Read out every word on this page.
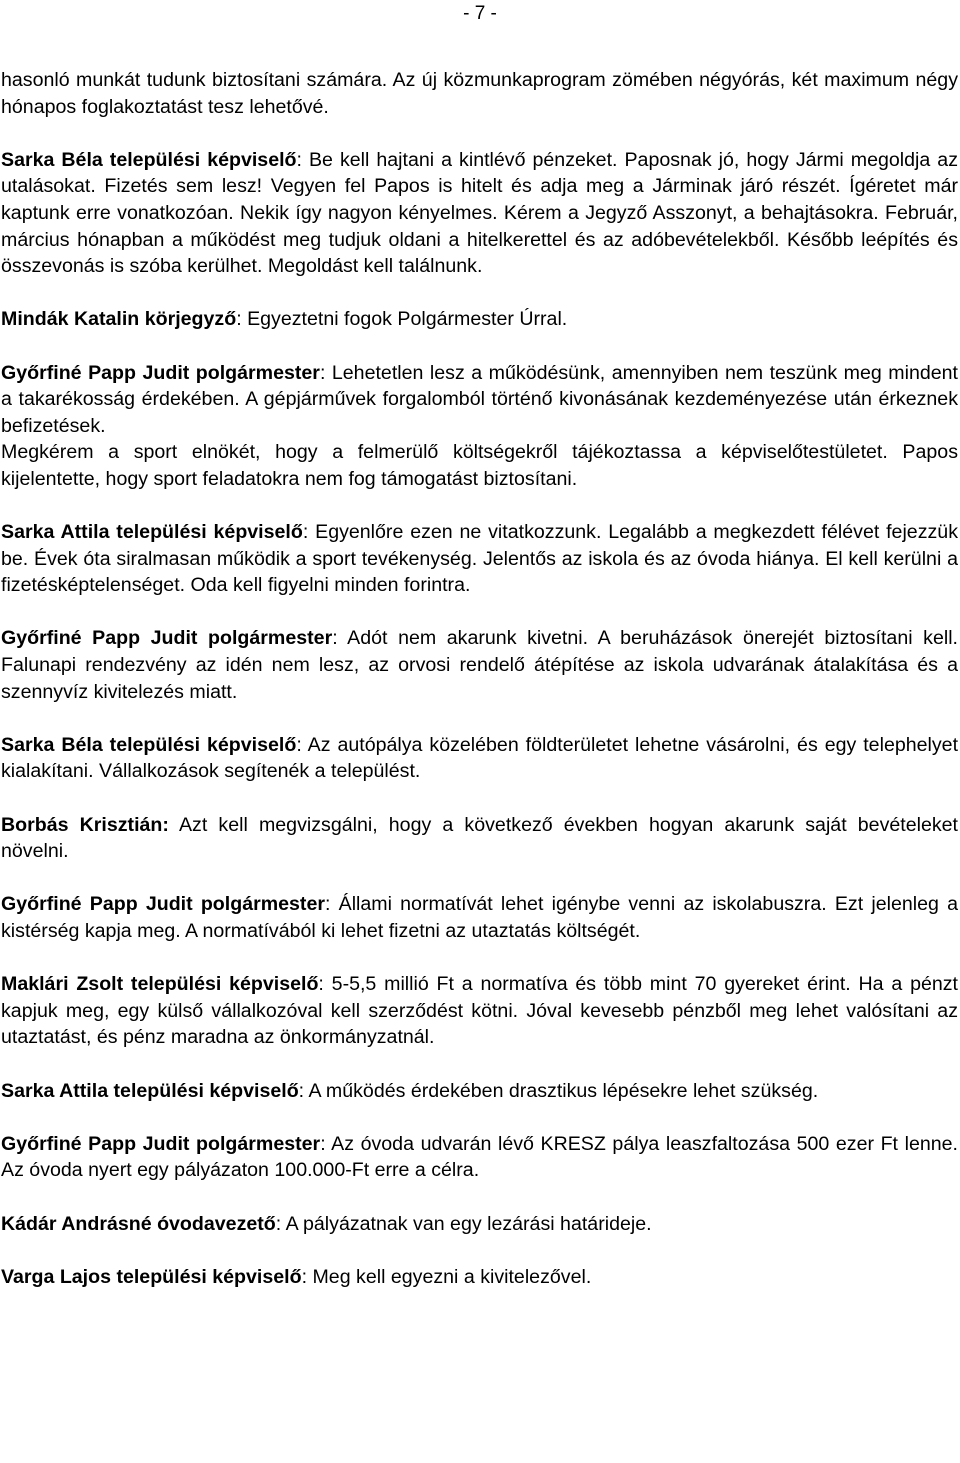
- 7 -

hasonló munkát tudunk biztosítani számára. Az új közmunkaprogram zömében négyórás, két maximum négy hónapos foglakoztatást tesz lehetővé.

Sarka Béla települési képviselő: Be kell hajtani a kintlévő pénzeket. Paposnak jó, hogy Jármi megoldja az utalásokat. Fizetés sem lesz! Vegyen fel Papos is hitelt és adja meg a Járminak járó részét. Ígéretet már kaptunk erre vonatkozóan. Nekik így nagyon kényelmes. Kérem a Jegyző Asszonyt, a behajtásokra. Február, március hónapban a működést meg tudjuk oldani a hitelkerettel és az adóbevételekből. Később leépítés és összevonás is szóba kerülhet. Megoldást kell találnunk.

Mindák Katalin körjegyző: Egyeztetni fogok Polgármester Úrral.

Győrfiné Papp Judit polgármester: Lehetetlen lesz a működésünk, amennyiben nem teszünk meg mindent a takarékosság érdekében. A gépjárművek forgalomból történő kivonásának kezdeményezése után érkeznek befizetések.

Megkérem a sport elnökét, hogy a felmerülő költségekről tájékoztassa a képviselőtestületet. Papos kijelentette, hogy sport feladatokra nem fog támogatást biztosítani.

Sarka Attila települési képviselő: Egyenlőre ezen ne vitatkozzunk. Legalább a megkezdett félévet fejezzük be. Évek óta siralmasan működik a sport tevékenység. Jelentős az iskola és az óvoda hiánya. El kell kerülni a fizetésképtelenséget. Oda kell figyelni minden forintra.

Győrfiné Papp Judit polgármester: Adót nem akarunk kivetni. A beruházások önerejét biztosítani kell. Falunapi rendezvény az idén nem lesz, az orvosi rendelő átépítése az iskola udvarának átalakítása és a szennyvíz kivitelezés miatt.

Sarka Béla települési képviselő: Az autópálya közelében földterületet lehetne vásárolni, és egy telephelyet kialakítani. Vállalkozások segítenék a települést.

Borbás Krisztián: Azt kell megvizsgálni, hogy a következő években hogyan akarunk saját bevételeket növelni.

Győrfiné Papp Judit polgármester: Állami normatívát lehet igénybe venni az iskolabuszra. Ezt jelenleg a kistérség kapja meg. A normatívából ki lehet fizetni az utaztatás költségét.

Maklári Zsolt települési képviselő: 5-5,5 millió Ft a normatíva és több mint 70 gyereket érint. Ha a pénzt kapjuk meg, egy külső vállalkozóval kell szerződést kötni. Jóval kevesebb pénzből meg lehet valósítani az utaztatást, és pénz maradna az önkormányzatnál.

Sarka Attila települési képviselő: A működés érdekében drasztikus lépésekre lehet szükség.

Győrfiné Papp Judit polgármester: Az óvoda udvarán lévő KRESZ pálya leaszfaltozása 500 ezer Ft lenne. Az óvoda nyert egy pályázaton 100.000-Ft erre a célra.

Kádár Andrásné óvodavezető: A pályázatnak van egy lezárási határideje.

Varga Lajos települési képviselő: Meg kell egyezni a kivitelezővel.
